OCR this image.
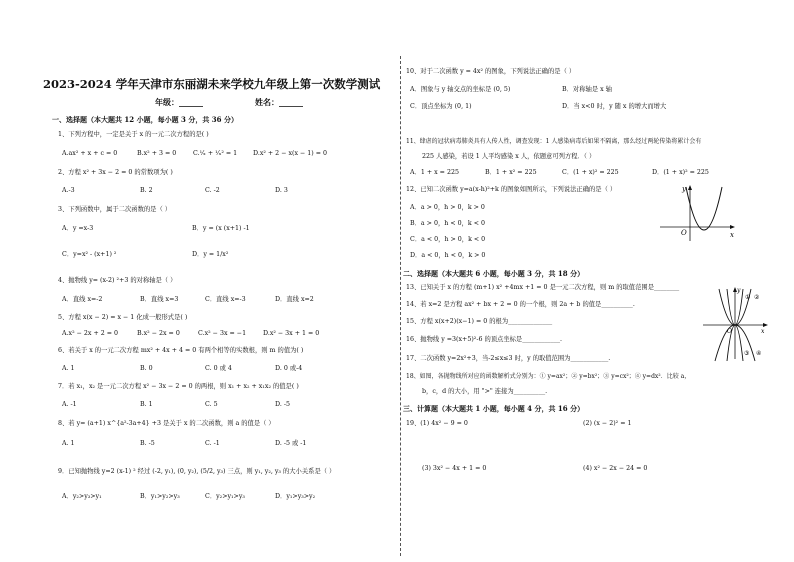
2023-2024 学年天津市东丽湖未来学校九年级上第一次数学测试
年级：______	姓名：______
一、选择题（本大题共 12 小题，每小题 3 分，共 36 分）
1、下列方程中，一定是关于 x 的一元二次方程的是( )
A.ax² + x + c = 0	B.x² + 3 = 0	C.¹⁄ₓ + ¹⁄ₓ² = 1	D.x² + 2 − x(x − 1) = 0
2、方程 x² + 3x − 2 = 0 的常数项为( )
A.-3	B. 2	C. -2	D. 3
3、下列函数中，属于二次函数的是（ ）
A．y =x-3	B．y = (x (x+1) -1
C．y=x² - (x+1) ²	D．y = 1/x²
4、抛物线 y= (x-2) ²+3 的对称轴是（ ）
A．直线 x=-2	B．直线 x=3	C．直线 x=-3	D．直线 x=2
5、方程 x(x − 2) = x − 1 化成一般形式是( )
A.x² − 2x + 2 = 0	B.x² − 2x = 0	C.x² − 3x = −1	D.x² − 3x + 1 = 0
6、若关于 x 的一元二次方程 mx² + 4x + 4 = 0 有两个相等的实数根，则 m 的值为( )
A. 1	B. 0	C. 0 或 4	D. 0 或-4
7．若 x₁，x₂ 是一元二次方程 x² − 3x − 2 = 0 的两根，则 x₁ + x₂ + x₁x₂ 的值是( )
A. -1	B. 1	C. 5	D. -5
8、若 y= (a+1) x^{a²-3a+4} +3 是关于 x 的二次函数，则 a 的值是（ ）
A. 1	B. -5	C. -1	D. -5 或 -1
9．已知抛物线 y=2 (x-1) ² 经过 (-2, y₁), (0, y₂), (5/2, y₃) 三点，则 y₁, y₂, y₃ 的大小关系是（ ）
A．y₂>y₃>y₁	B．y₁>y₂>y₃	C．y₂>y₁>y₃	D．y₁>y₃>y₂
10、对于二次函数 y = 4x² 的图象，下列说法正确的是（ ）
A．图象与 y 轴交点的坐标是 (0, 5)	B．对称轴是 x 轴
C．顶点坐标为 (0, 1)	D．当 x<0 时，y 随 x 的增大而增大
11、肆虐的冠状病毒肺炎具有人传人性，调查发现：1 人感染病毒后如果不隔离，那么经过两轮传染将累计会有
225 人感染，若设 1 人平均感染 x 人，依题意可列方程．（ ）
A．1 + x = 225	B．1 + x² = 225	C．(1 + x)² = 225	D．(1 + x)² = 225
12、已知二次函数 y=a(x-h)²+k 的图象如图所示，下列说法正确的是（ ）
A．a > 0，h > 0，k > 0
B．a > 0，h < 0，k < 0
C．a < 0，h > 0，k < 0
D．a < 0，h < 0，k > 0
y
x
O
二、选择题（本大题共 6 小题，每小题 3 分，共 18 分）
13、已知关于 x 的方程 (m+1) x² +4mx +1 = 0 是一元二次方程，则 m 的取值范围是________
14、若 x=2 是方程 ax² + bx + 2 = 0 的一个根，则 2a + b 的值是__________.
15、方程 x(x+2)(x−1) = 0 的根为______________
16、抛物线 y =3(x+5)²-6 的顶点坐标是____________.
17、二次函数 y=2x²+3，当-2≤x≤3 时，y 的取值范围为____________.
18、如图，各抛物线所对应的函数解析式分别为：① y=ax²；② y=bx²；③ y=cx²；④ y=dx²．比较 a，
b，c，d 的大小，用 ">" 连接为__________.
① ②
③ ④
O	x
y
三、计算题（本大题共 1 小题，每小题 4 分，共 16 分）
19、(1) 4x² − 9 = 0	(2) (x − 2)² = 1
(3) 3x² − 4x + 1 = 0	(4) x² − 2x − 24 = 0
